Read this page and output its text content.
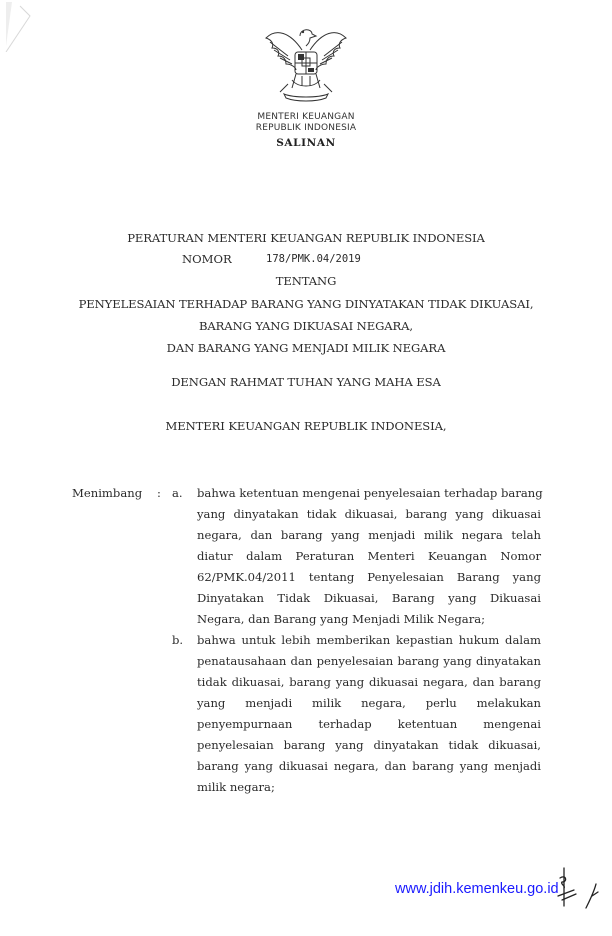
MENTERI KEUANGAN
REPUBLIK INDONESIA
SALINAN
PERATURAN MENTERI KEUANGAN REPUBLIK INDONESIA
NOMOR	178/PMK.04/2019
TENTANG
PENYELESAIAN TERHADAP BARANG YANG DINYATAKAN TIDAK DIKUASAI,
BARANG YANG DIKUASAI NEGARA,
DAN BARANG YANG MENJADI MILIK NEGARA
DENGAN RAHMAT TUHAN YANG MAHA ESA
MENTERI KEUANGAN REPUBLIK INDONESIA,
Menimbang : a. bahwa ketentuan mengenai penyelesaian terhadap barang
yang dinyatakan tidak dikuasai, barang yang dikuasai
negara, dan barang yang menjadi milik negara telah
diatur dalam Peraturan Menteri Keuangan Nomor
62/PMK.04/2011 tentang Penyelesaian Barang yang
Dinyatakan Tidak Dikuasai, Barang yang Dikuasai
Negara, dan Barang yang Menjadi Milik Negara;
b. bahwa untuk lebih memberikan kepastian hukum dalam
penatausahaan dan penyelesaian barang yang dinyatakan
tidak dikuasai, barang yang dikuasai negara, dan barang
yang menjadi milik negara, perlu melakukan
penyempurnaan terhadap ketentuan mengenai
penyelesaian barang yang dinyatakan tidak dikuasai,
barang yang dikuasai negara, dan barang yang menjadi
milik negara;
www.jdih.kemenkeu.go.id
